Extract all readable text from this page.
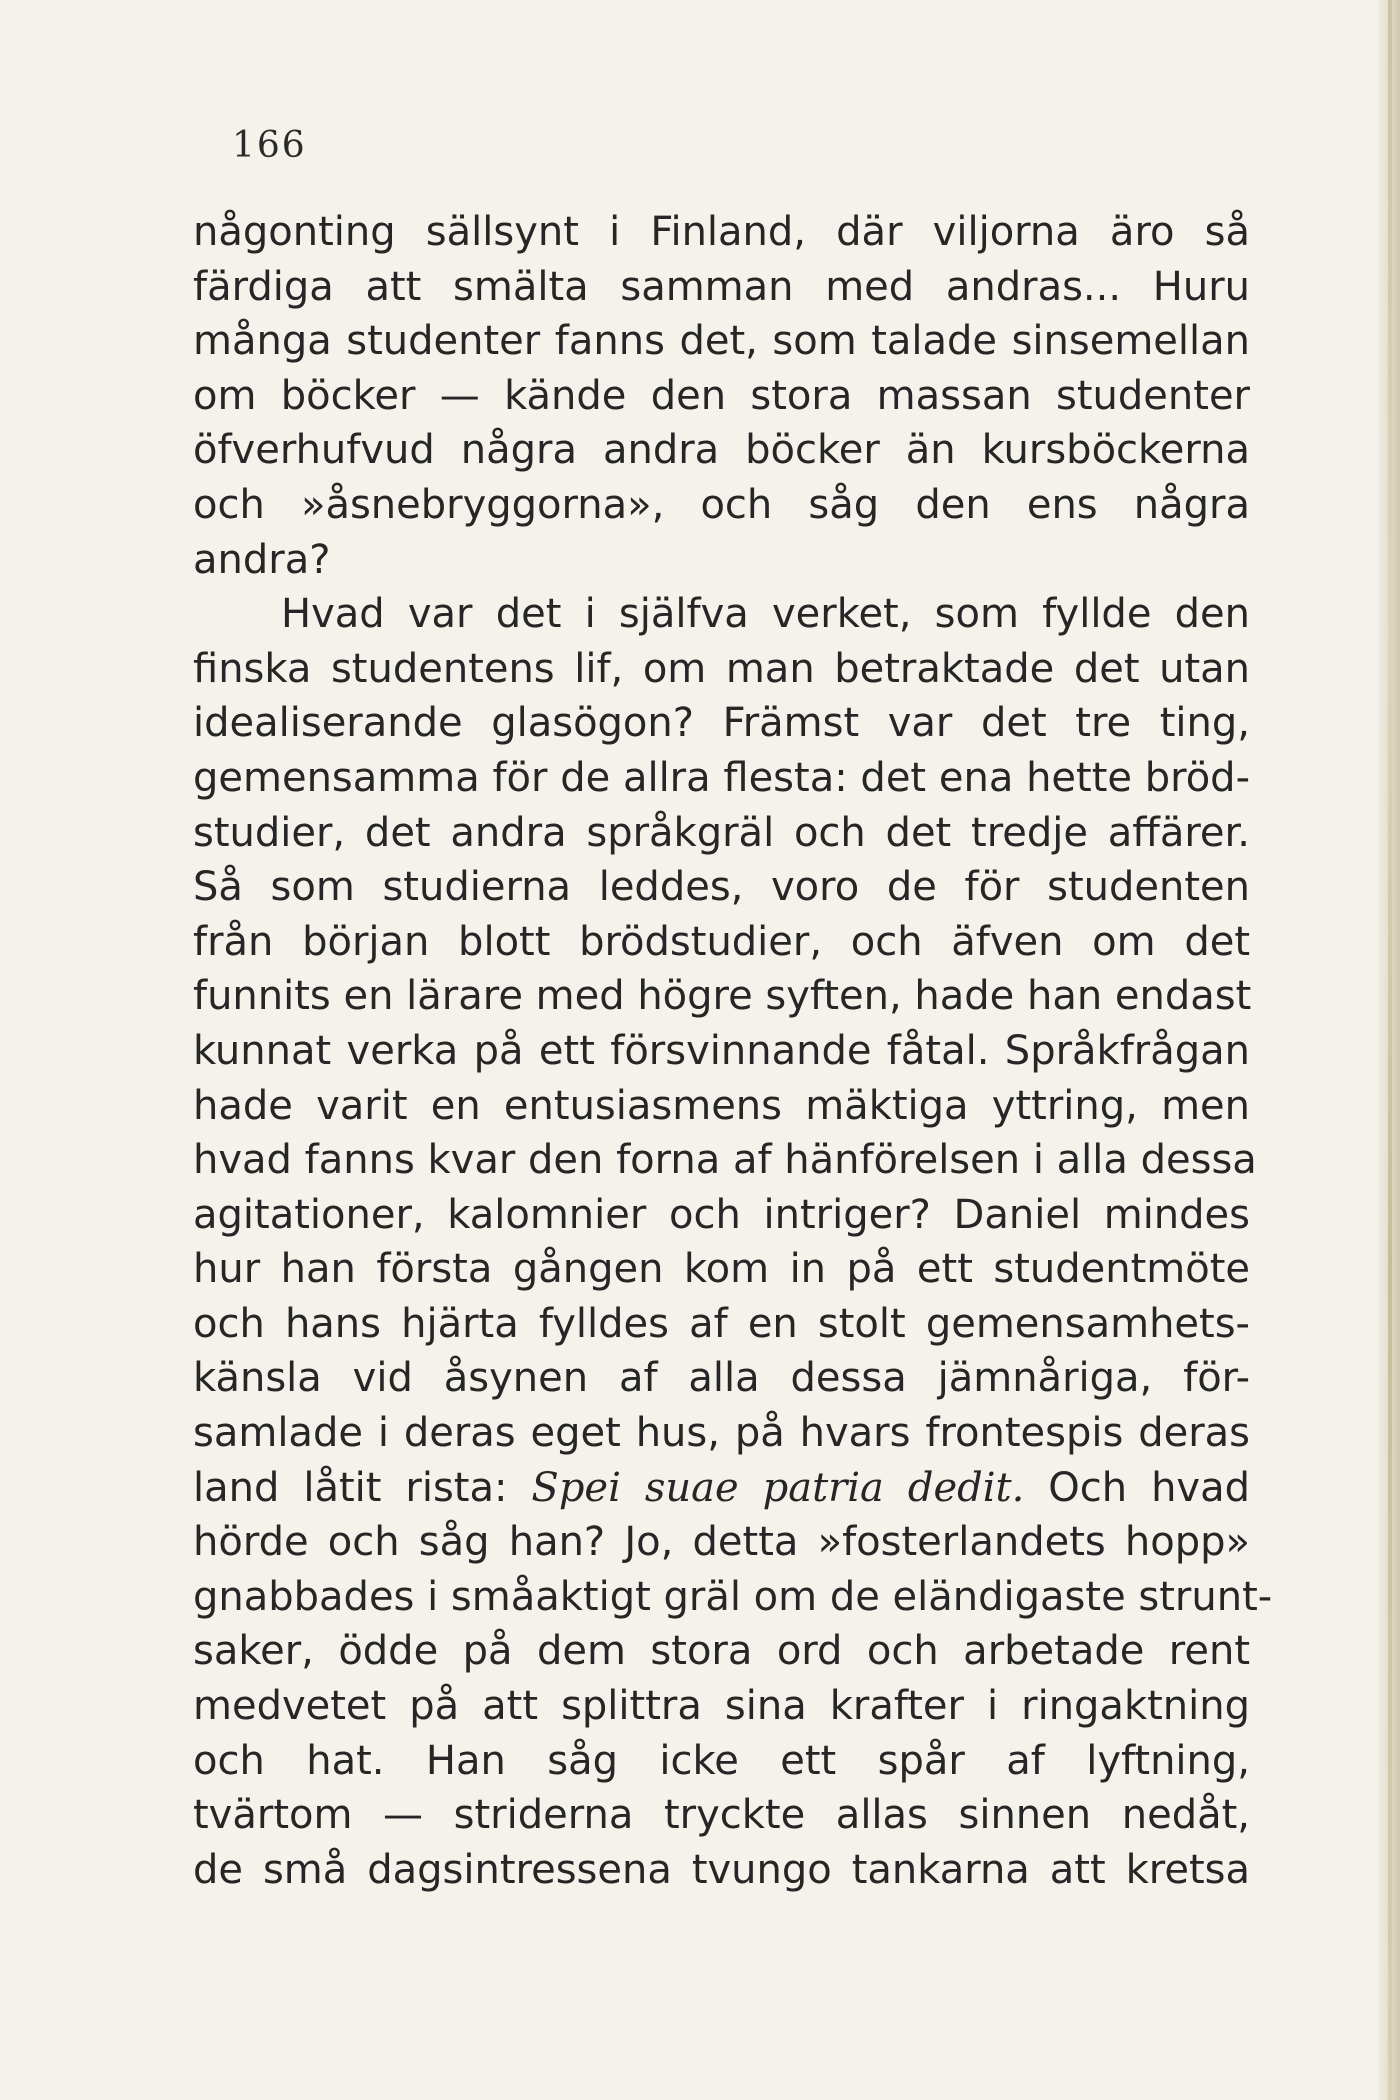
166
någonting sällsynt i Finland, där viljorna äro så
färdiga att smälta samman med andras... Huru
många studenter fanns det, som talade sinsemellan
om böcker — kände den stora massan studenter
öfverhufvud några andra böcker än kursböckerna
och »åsnebryggorna», och såg den ens några
andra?
Hvad var det i själfva verket, som fyllde den
finska studentens lif, om man betraktade det utan
idealiserande glasögon? Främst var det tre ting,
gemensamma för de allra flesta: det ena hette bröd-
studier, det andra språkgräl och det tredje affärer.
Så som studierna leddes, voro de för studenten
från början blott brödstudier, och äfven om det
funnits en lärare med högre syften, hade han endast
kunnat verka på ett försvinnande fåtal. Språkfrågan
hade varit en entusiasmens mäktiga yttring, men
hvad fanns kvar den forna af hänförelsen i alla dessa
agitationer, kalomnier och intriger? Daniel mindes
hur han första gången kom in på ett studentmöte
och hans hjärta fylldes af en stolt gemensamhets-
känsla vid åsynen af alla dessa jämnåriga, för-
samlade i deras eget hus, på hvars frontespis deras
land låtit rista: Spei suae patria dedit. Och hvad
hörde och såg han? Jo, detta »fosterlandets hopp»
gnabbades i småaktigt gräl om de eländigaste strunt-
saker, ödde på dem stora ord och arbetade rent
medvetet på att splittra sina krafter i ringaktning
och hat. Han såg icke ett spår af lyftning,
tvärtom — striderna tryckte allas sinnen nedåt,
de små dagsintressena tvungo tankarna att kretsa
